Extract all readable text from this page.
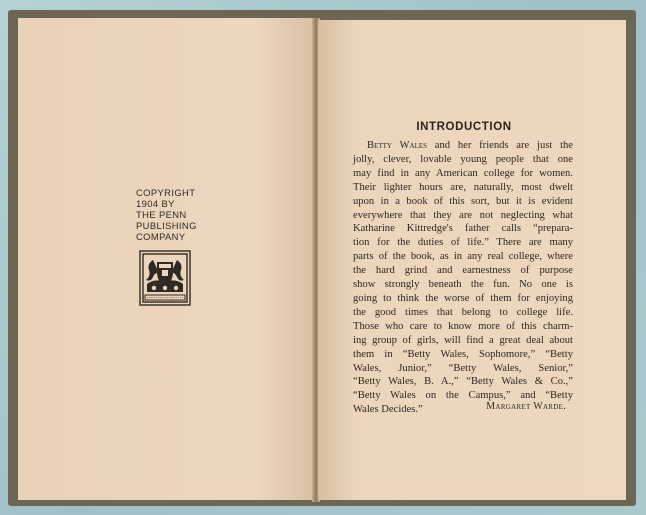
COPYRIGHT
1904 BY
THE PENN
PUBLISHING
COMPANY
INTRODUCTION
Betty Wales and her friends are just the
jolly, clever, lovable young people that one
may find in any American college for women.
Their lighter hours are, naturally, most dwelt
upon in a book of this sort, but it is evident
everywhere that they are not neglecting what
Katharine Kittredge's father calls “prepara-
tion for the duties of life.” There are many
parts of the book, as in any real college, where
the hard grind and earnestness of purpose
show strongly beneath the fun. No one is
going to think the worse of them for enjoying
the good times that belong to college life.
Those who care to know more of this charm-
ing group of girls, will find a great deal about
them in “Betty Wales, Sophomore,” “Betty
Wales, Junior,” “Betty Wales, Senior,”
“Betty Wales, B. A.,” “Betty Wales & Co.,”
“Betty Wales on the Campus,” and “Betty
Wales Decides.”	Margaret Warde.
